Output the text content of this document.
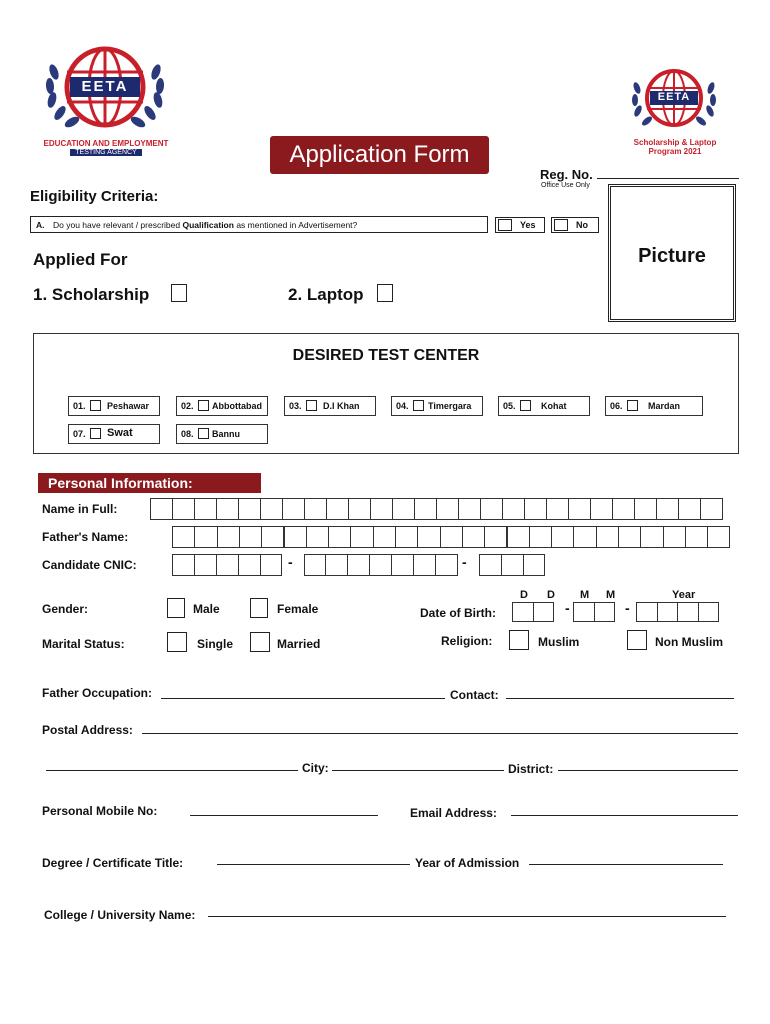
EETA
EDUCATION AND EMPLOYMENT
TESTING AGENCY	Application Form
EETA
Scholarship & Laptop
Program 2021
Reg. No.
Office Use Only
Picture
Eligibility Criteria:
A. Do you have relevant / prescribed Qualification as mentioned in Advertisement?	Yes	No
Applied For
1. Scholarship	2. Laptop
DESIRED TEST CENTER
01. Peshawar	02. Abbottabad	03. D.I Khan	04. Timergara	05.	Kohat	06.	Mardan
07. Swat	08. Bannu
Personal Information:
Name in Full:
Father's Name:
Candidate CNIC:	-	-
Gender:	Male	Female
D D M M	Year
Date of Birth:	-	-
Marital Status:	Single	Married	Religion:	Muslim	Non Muslim
Father Occupation:	Contact:
Postal Address:
City:	District:
Personal Mobile No:	Email Address:
Degree / Certificate Title:	Year of Admission
College / University Name:
